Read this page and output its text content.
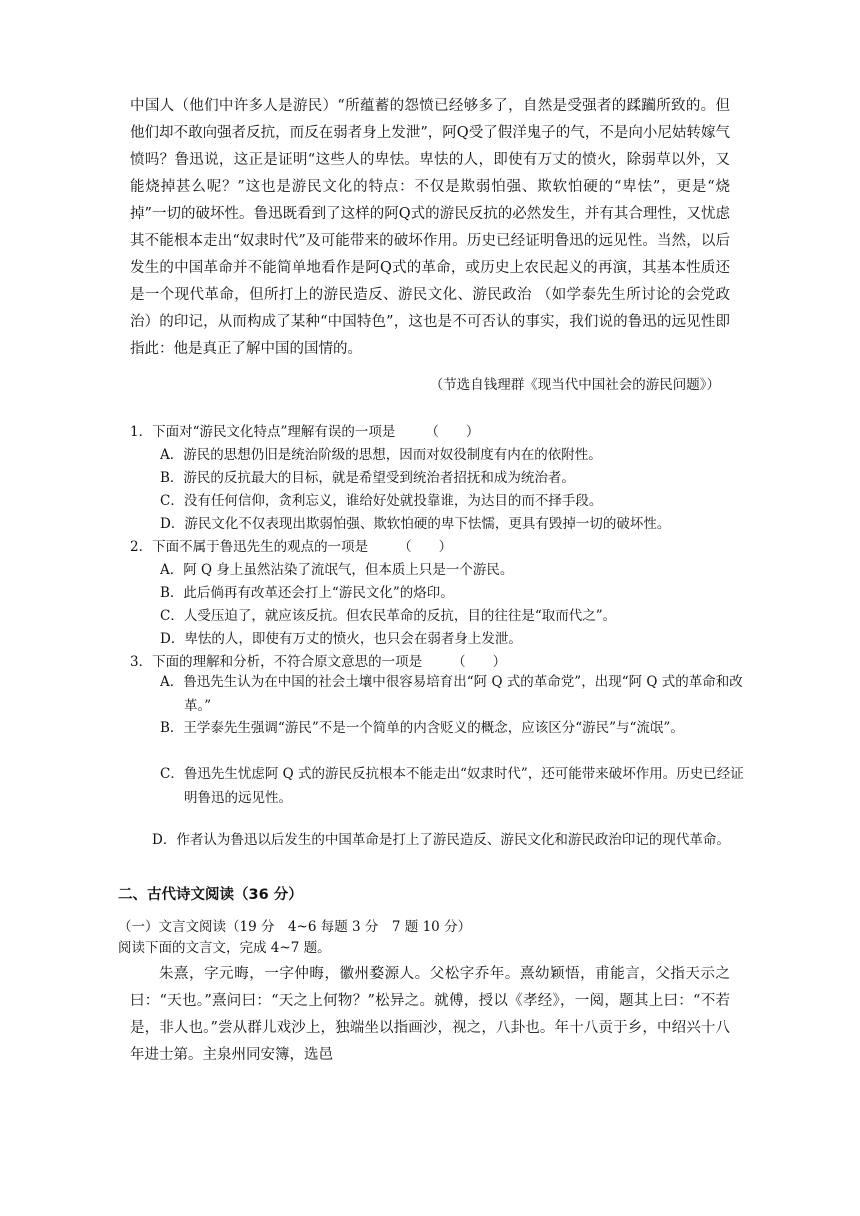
中国人（他们中许多人是游民）“所蕴蓄的怨愤已经够多了，自然是受强者的蹂躏所致的。但他们却不敢向强者反抗，而反在弱者身上发泄”，阿Q受了假洋鬼子的气，不是向小尼姑转嫁气愤吗？鲁迅说，这正是证明“这些人的卑怯。卑怯的人，即使有万丈的愤火，除弱草以外，又能烧掉甚么呢？”这也是游民文化的特点：不仅是欺弱怕强、欺软怕硬的“卑怯”，更是“烧掉”一切的破坏性。鲁迅既看到了这样的阿Q式的游民反抗的必然发生，并有其合理性，又忧虑其不能根本走出“奴隶时代”及可能带来的破坏作用。历史已经证明鲁迅的远见性。当然，以后发生的中国革命并不能简单地看作是阿Q式的革命，或历史上农民起义的再演，其基本性质还是一个现代革命，但所打上的游民造反、游民文化、游民政治 （如学泰先生所讨论的会党政治）的印记，从而构成了某种“中国特色”，这也是不可否认的事实，我们说的鲁迅的远见性即指此：他是真正了解中国的国情的。

（节选自钱理群《现当代中国社会的游民问题》）
1．下面对“游民文化特点”理解有误的一项是 （　　）
A．游民的思想仍旧是统治阶级的思想，因而对奴役制度有内在的依附性。
B．游民的反抗最大的目标，就是希望受到统治者招抚和成为统治者。
C．没有任何信仰，贪利忘义，谁给好处就投靠谁，为达目的而不择手段。
D．游民文化不仅表现出欺弱怕强、欺软怕硬的卑下怯懦，更具有毁掉一切的破坏性。
2．下面不属于鲁迅先生的观点的一项是 （　　）
A．阿 Q 身上虽然沾染了流氓气，但本质上只是一个游民。
B．此后倘再有改革还会打上“游民文化”的烙印。
C．人受压迫了，就应该反抗。但农民革命的反抗，目的往往是“取而代之”。
D．卑怯的人，即使有万丈的愤火，也只会在弱者身上发泄。
3．下面的理解和分析，不符合原文意思的一项是 （　　）
A．鲁迅先生认为在中国的社会土壤中很容易培育出“阿 Q 式的革命党”，出现“阿 Q 式的革命和改革。”
B．王学泰先生强调“游民”不是一个简单的内含贬义的概念，应该区分“游民”与“流氓”。
C．鲁迅先生忧虑阿 Q 式的游民反抗根本不能走出“奴隶时代”，还可能带来破坏作用。历史已经证明鲁迅的远见性。
D．作者认为鲁迅以后发生的中国革命是打上了游民造反、游民文化和游民政治印记的现代革命。
二、古代诗文阅读（36 分）
（一）文言文阅读（19 分　4~6 每题 3 分　7 题 10 分）
阅读下面的文言文，完成 4~7 题。

朱熹，字元晦，一字仲晦，徽州婺源人。父松字乔年。熹幼颖悟，甫能言，父指天示之曰：“天也。”熹问曰：“天之上何物？”松异之。就傅，授以《孝经》，一阅，题其上曰：“不若是，非人也。”尝从群儿戏沙上，独端坐以指画沙，视之，八卦也。年十八贡于乡，中绍兴十八年进士第。主泉州同安簿，选邑
